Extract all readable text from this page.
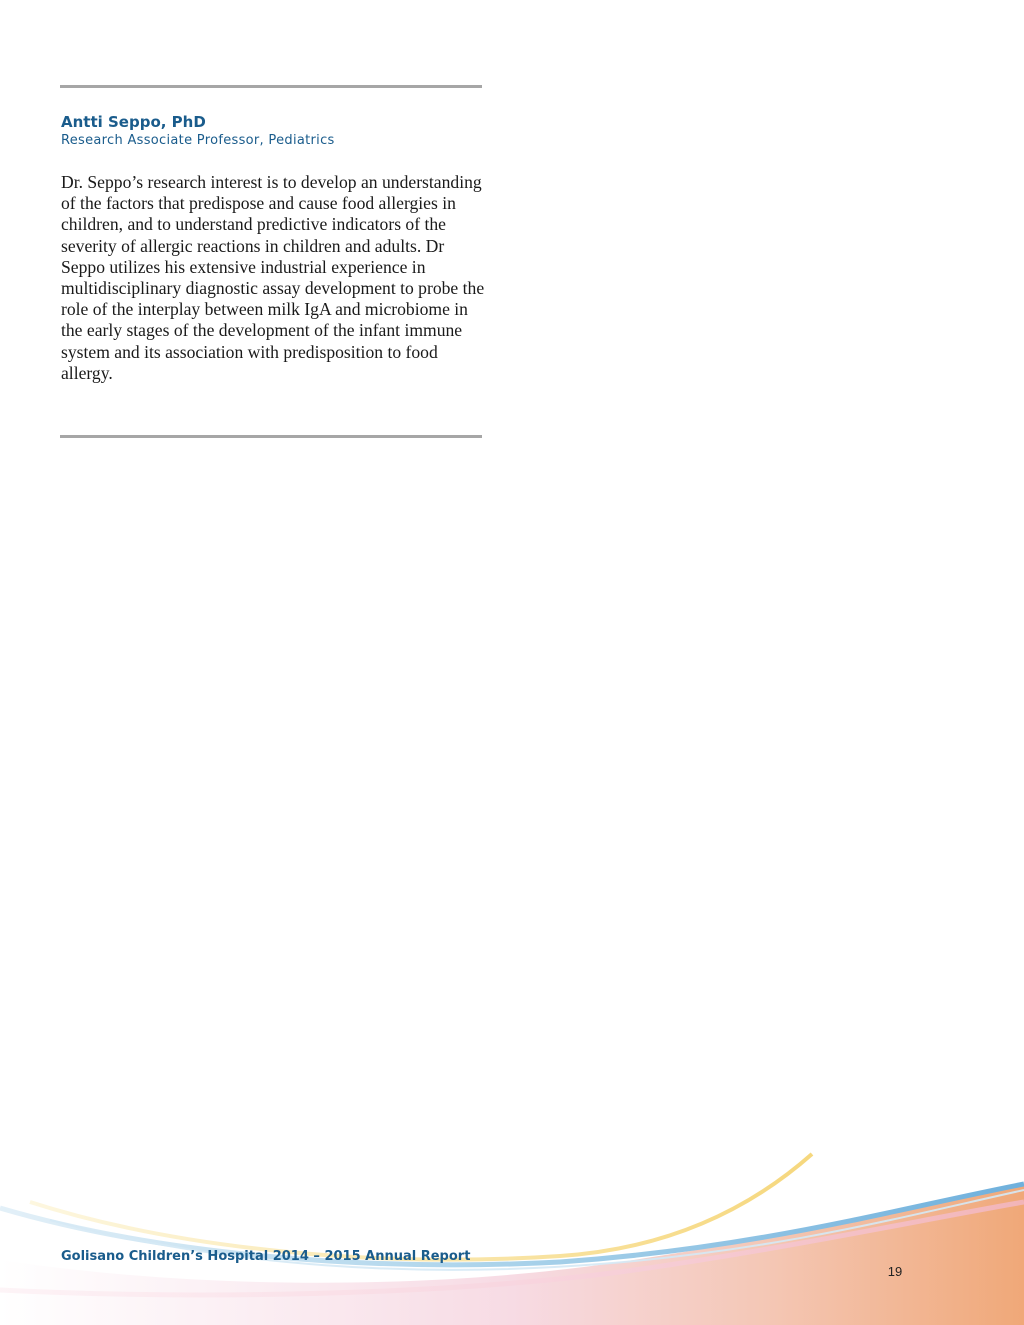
Antti Seppo, PhD

Research Associate Professor, Pediatrics

Dr. Seppo’s research interest is to develop an understanding of the factors that predispose and cause food allergies in children, and to understand predictive indicators of the severity of allergic reactions in children and adults. Dr Seppo utilizes his extensive industrial experience in multidisciplinary diagnostic assay development to probe the role of the interplay between milk IgA and microbiome in the early stages of the development of the infant immune system and its association with predisposition to food allergy.

Golisano Children’s Hospital 2014 – 2015 Annual Report

19
